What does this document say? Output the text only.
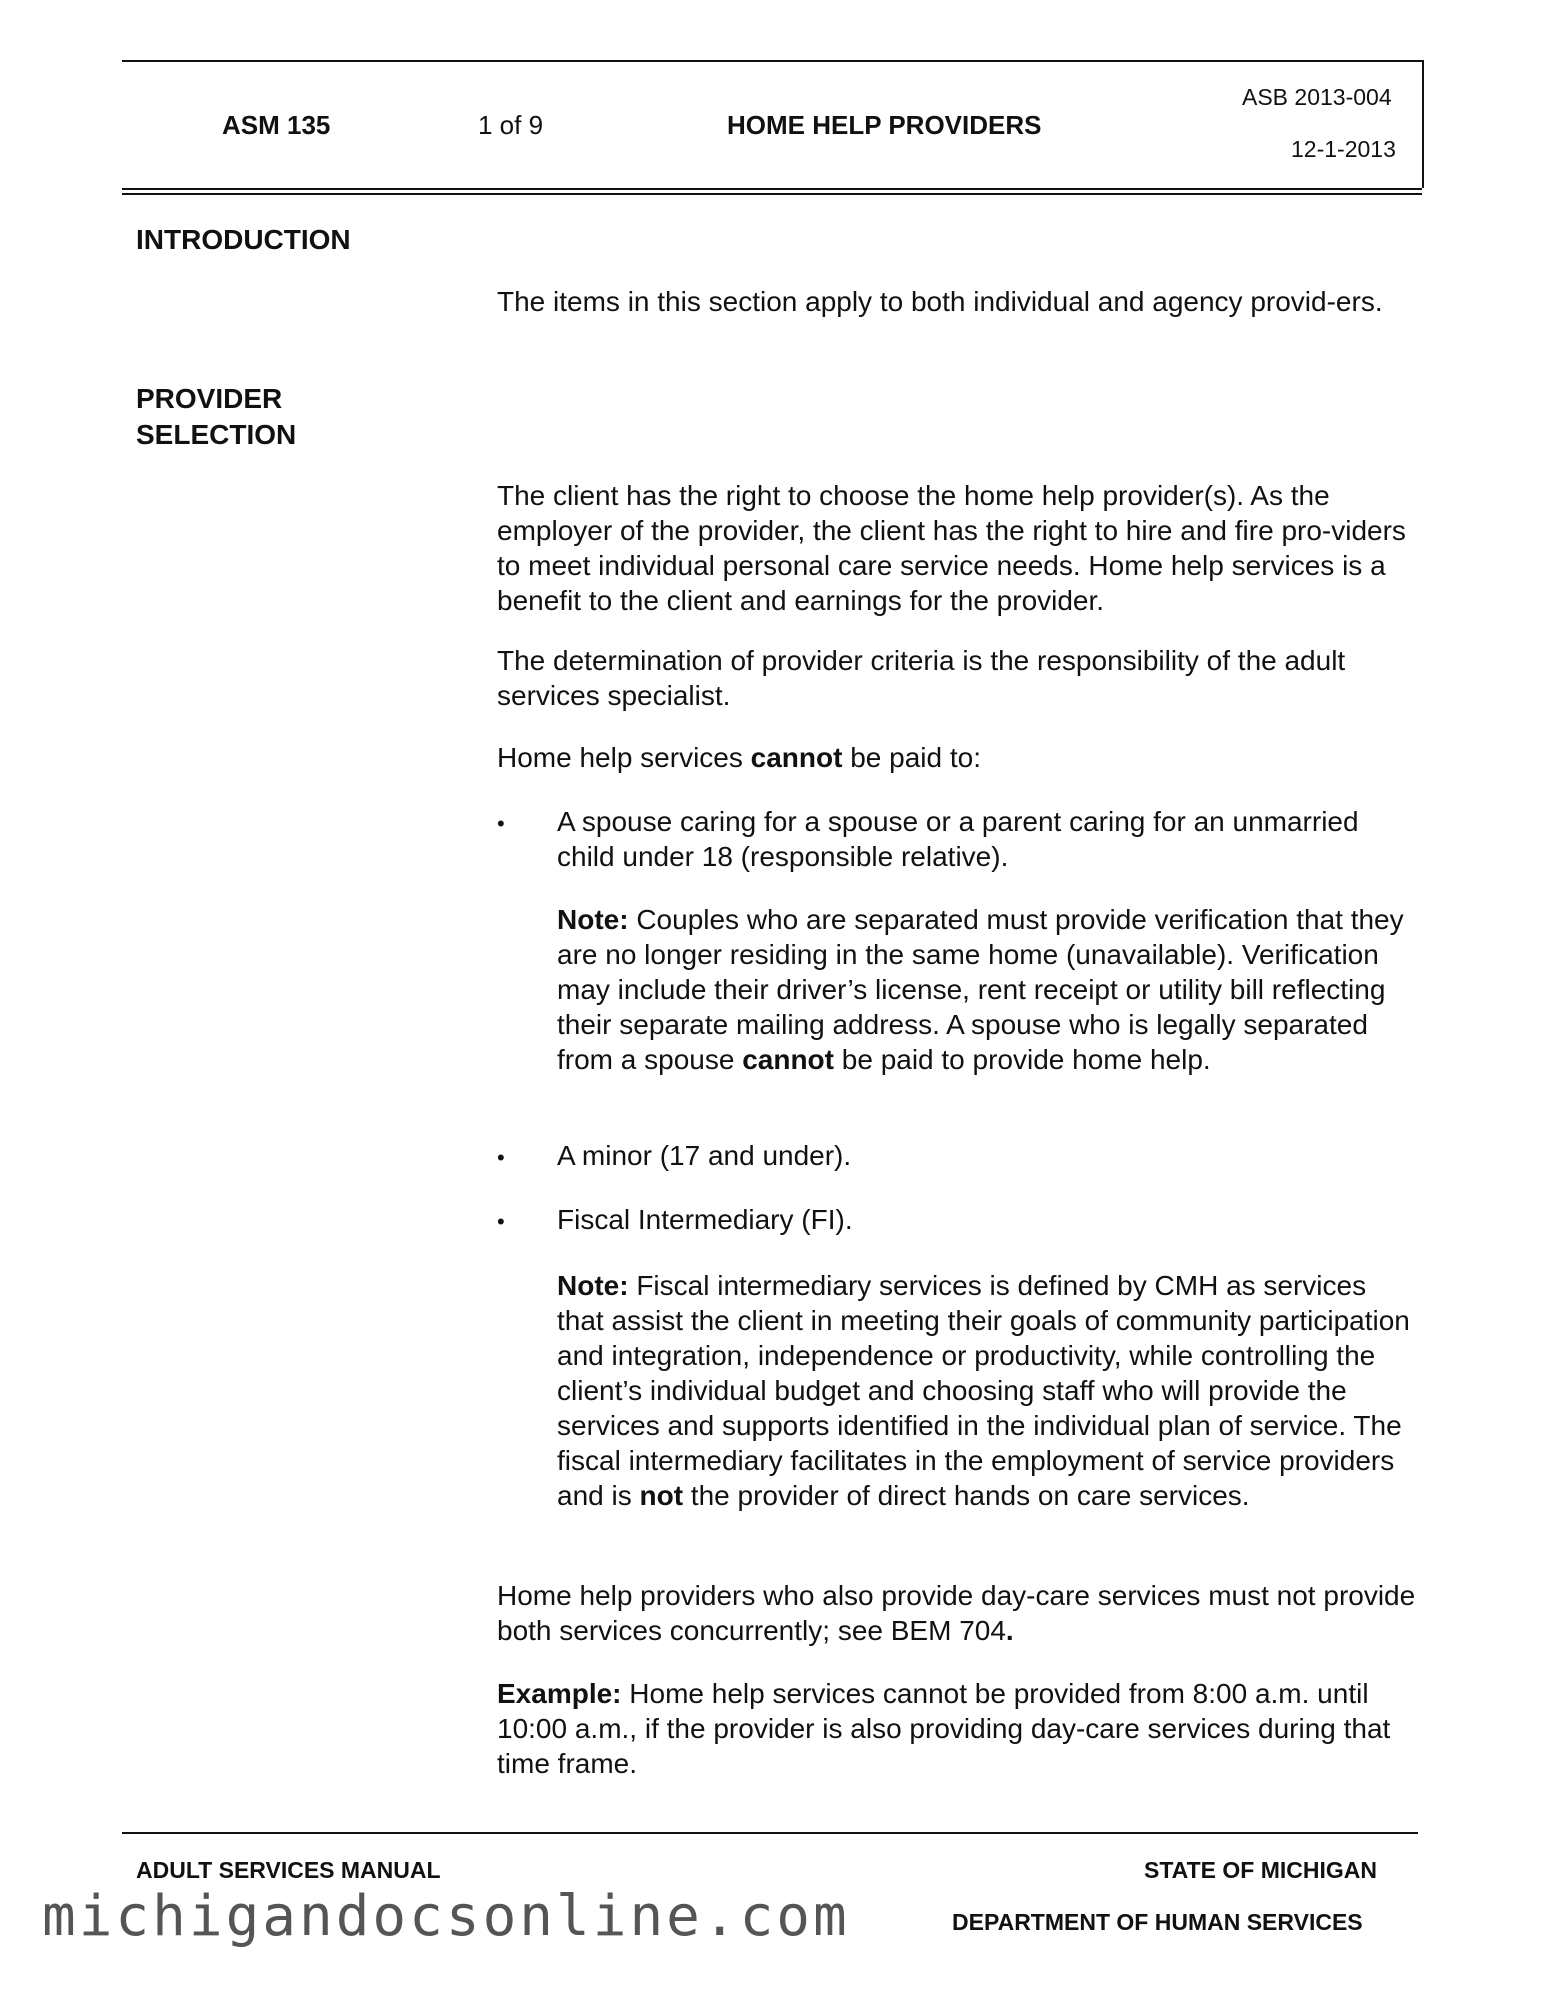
ASM 135	1 of 9	HOME HELP PROVIDERS
ASB 2013-004
12-1-2013
INTRODUCTION

The items in this section apply to both individual and agency provid-ers.

PROVIDER
SELECTION

The client has the right to choose the home help provider(s). As the employer of the provider, the client has the right to hire and fire pro-viders to meet individual personal care service needs. Home help services is a benefit to the client and earnings for the provider.

The determination of provider criteria is the responsibility of the adult services specialist.

Home help services cannot be paid to:

• A spouse caring for a spouse or a parent caring for an unmarried child under 18 (responsible relative).

Note: Couples who are separated must provide verification that they are no longer residing in the same home (unavailable). Verification may include their driver’s license, rent receipt or utility bill reflecting their separate mailing address. A spouse who is legally separated from a spouse cannot be paid to provide home help.

• A minor (17 and under).

• Fiscal Intermediary (FI).

Note: Fiscal intermediary services is defined by CMH as services that assist the client in meeting their goals of community participation and integration, independence or productivity, while controlling the client’s individual budget and choosing staff who will provide the services and supports identified in the individual plan of service. The fiscal intermediary facilitates in the employment of service providers and is not the provider of direct hands on care services.

Home help providers who also provide day-care services must not provide both services concurrently; see BEM 704.

Example: Home help services cannot be provided from 8:00 a.m. until 10:00 a.m., if the provider is also providing day-care services during that time frame.

ADULT SERVICES MANUAL	STATE OF MICHIGAN
DEPARTMENT OF HUMAN SERVICES
michigandocsonline.com
